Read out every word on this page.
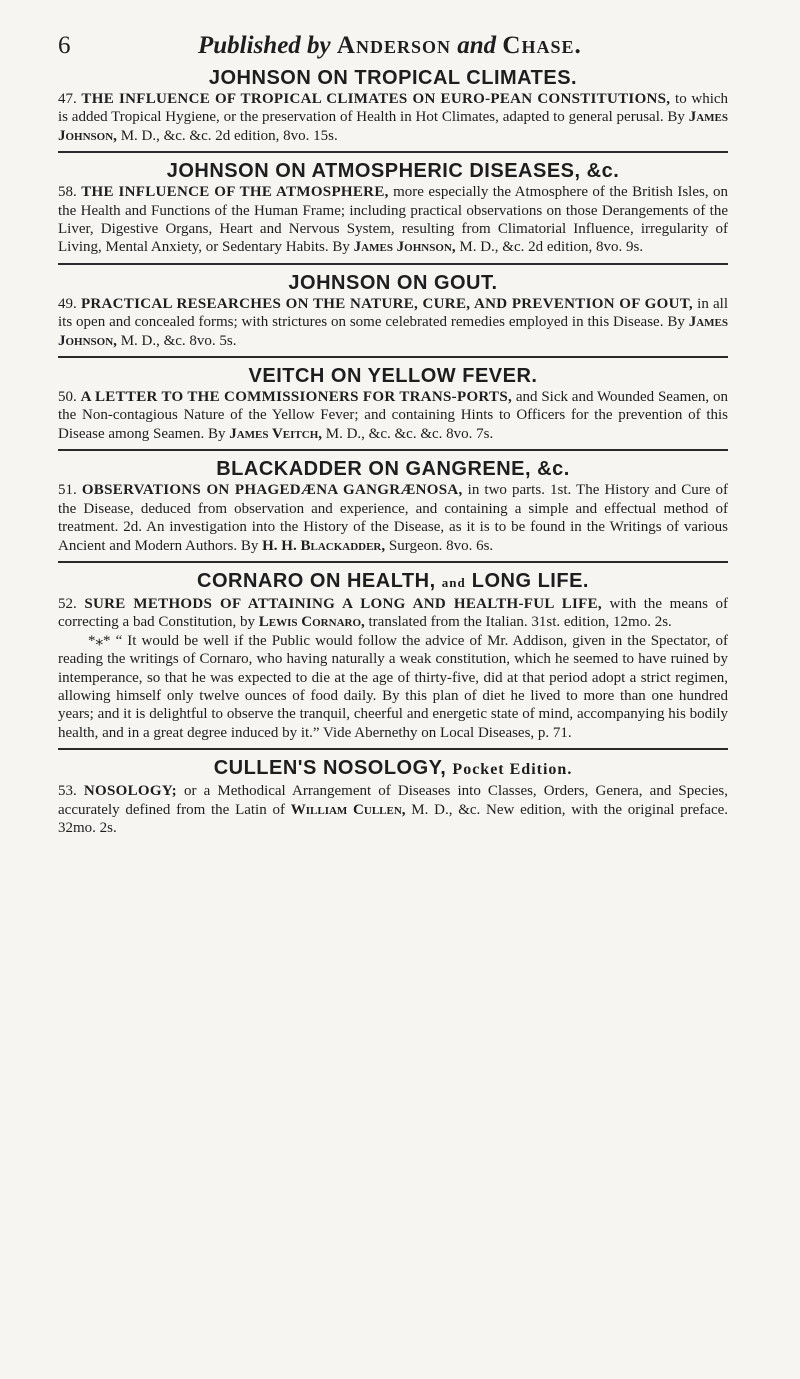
6	Published by Anderson and Chase.
JOHNSON ON TROPICAL CLIMATES.

47. THE INFLUENCE OF TROPICAL CLIMATES ON EURO-PEAN CONSTITUTIONS, to which is added Tropical Hygiene, or the preservation of Health in Hot Climates, adapted to general perusal. By James Johnson, M. D., &c. &c. 2d edition, 8vo. 15s.

JOHNSON ON ATMOSPHERIC DISEASES, &c.

58. THE INFLUENCE OF THE ATMOSPHERE, more especially the Atmosphere of the British Isles, on the Health and Functions of the Human Frame; including practical observations on those Derangements of the Liver, Digestive Organs, Heart and Nervous System, resulting from Climatorial Influence, irregularity of Living, Mental Anxiety, or Sedentary Habits. By James Johnson, M. D., &c. 2d edition, 8vo. 9s.

JOHNSON ON GOUT.

49. PRACTICAL RESEARCHES ON THE NATURE, CURE, AND PREVENTION OF GOUT, in all its open and concealed forms; with strictures on some celebrated remedies employed in this Disease. By James Johnson, M. D., &c. 8vo. 5s.

VEITCH ON YELLOW FEVER.

50. A LETTER TO THE COMMISSIONERS FOR TRANS-PORTS, and Sick and Wounded Seamen, on the Non-contagious Nature of the Yellow Fever; and containing Hints to Officers for the prevention of this Disease among Seamen. By James Veitch, M. D., &c. &c. &c. 8vo. 7s.

BLACKADDER ON GANGRENE, &c.

51. OBSERVATIONS ON PHAGEDÆNA GANGRÆNOSA, in two parts. 1st. The History and Cure of the Disease, deduced from observation and experience, and containing a simple and effectual method of treatment. 2d. An investigation into the History of the Disease, as it is to be found in the Writings of various Ancient and Modern Authors. By H. H. Blackadder, Surgeon. 8vo. 6s.

CORNARO ON HEALTH, and LONG LIFE.

52. SURE METHODS OF ATTAINING A LONG AND HEALTH-FUL LIFE, with the means of correcting a bad Constitution, by Lewis Cornaro, translated from the Italian. 31st. edition, 12mo. 2s.

*⁎* “ It would be well if the Public would follow the advice of Mr. Addison, given in the Spectator, of reading the writings of Cornaro, who having naturally a weak constitution, which he seemed to have ruined by intemperance, so that he was expected to die at the age of thirty-five, did at that period adopt a strict regimen, allowing himself only twelve ounces of food daily. By this plan of diet he lived to more than one hundred years; and it is delightful to observe the tranquil, cheerful and energetic state of mind, accompanying his bodily health, and in a great degree induced by it.” Vide Abernethy on Local Diseases, p. 71.

CULLEN'S NOSOLOGY, Pocket Edition.

53. NOSOLOGY; or a Methodical Arrangement of Diseases into Classes, Orders, Genera, and Species, accurately defined from the Latin of William Cullen, M. D., &c. New edition, with the original preface. 32mo. 2s.
